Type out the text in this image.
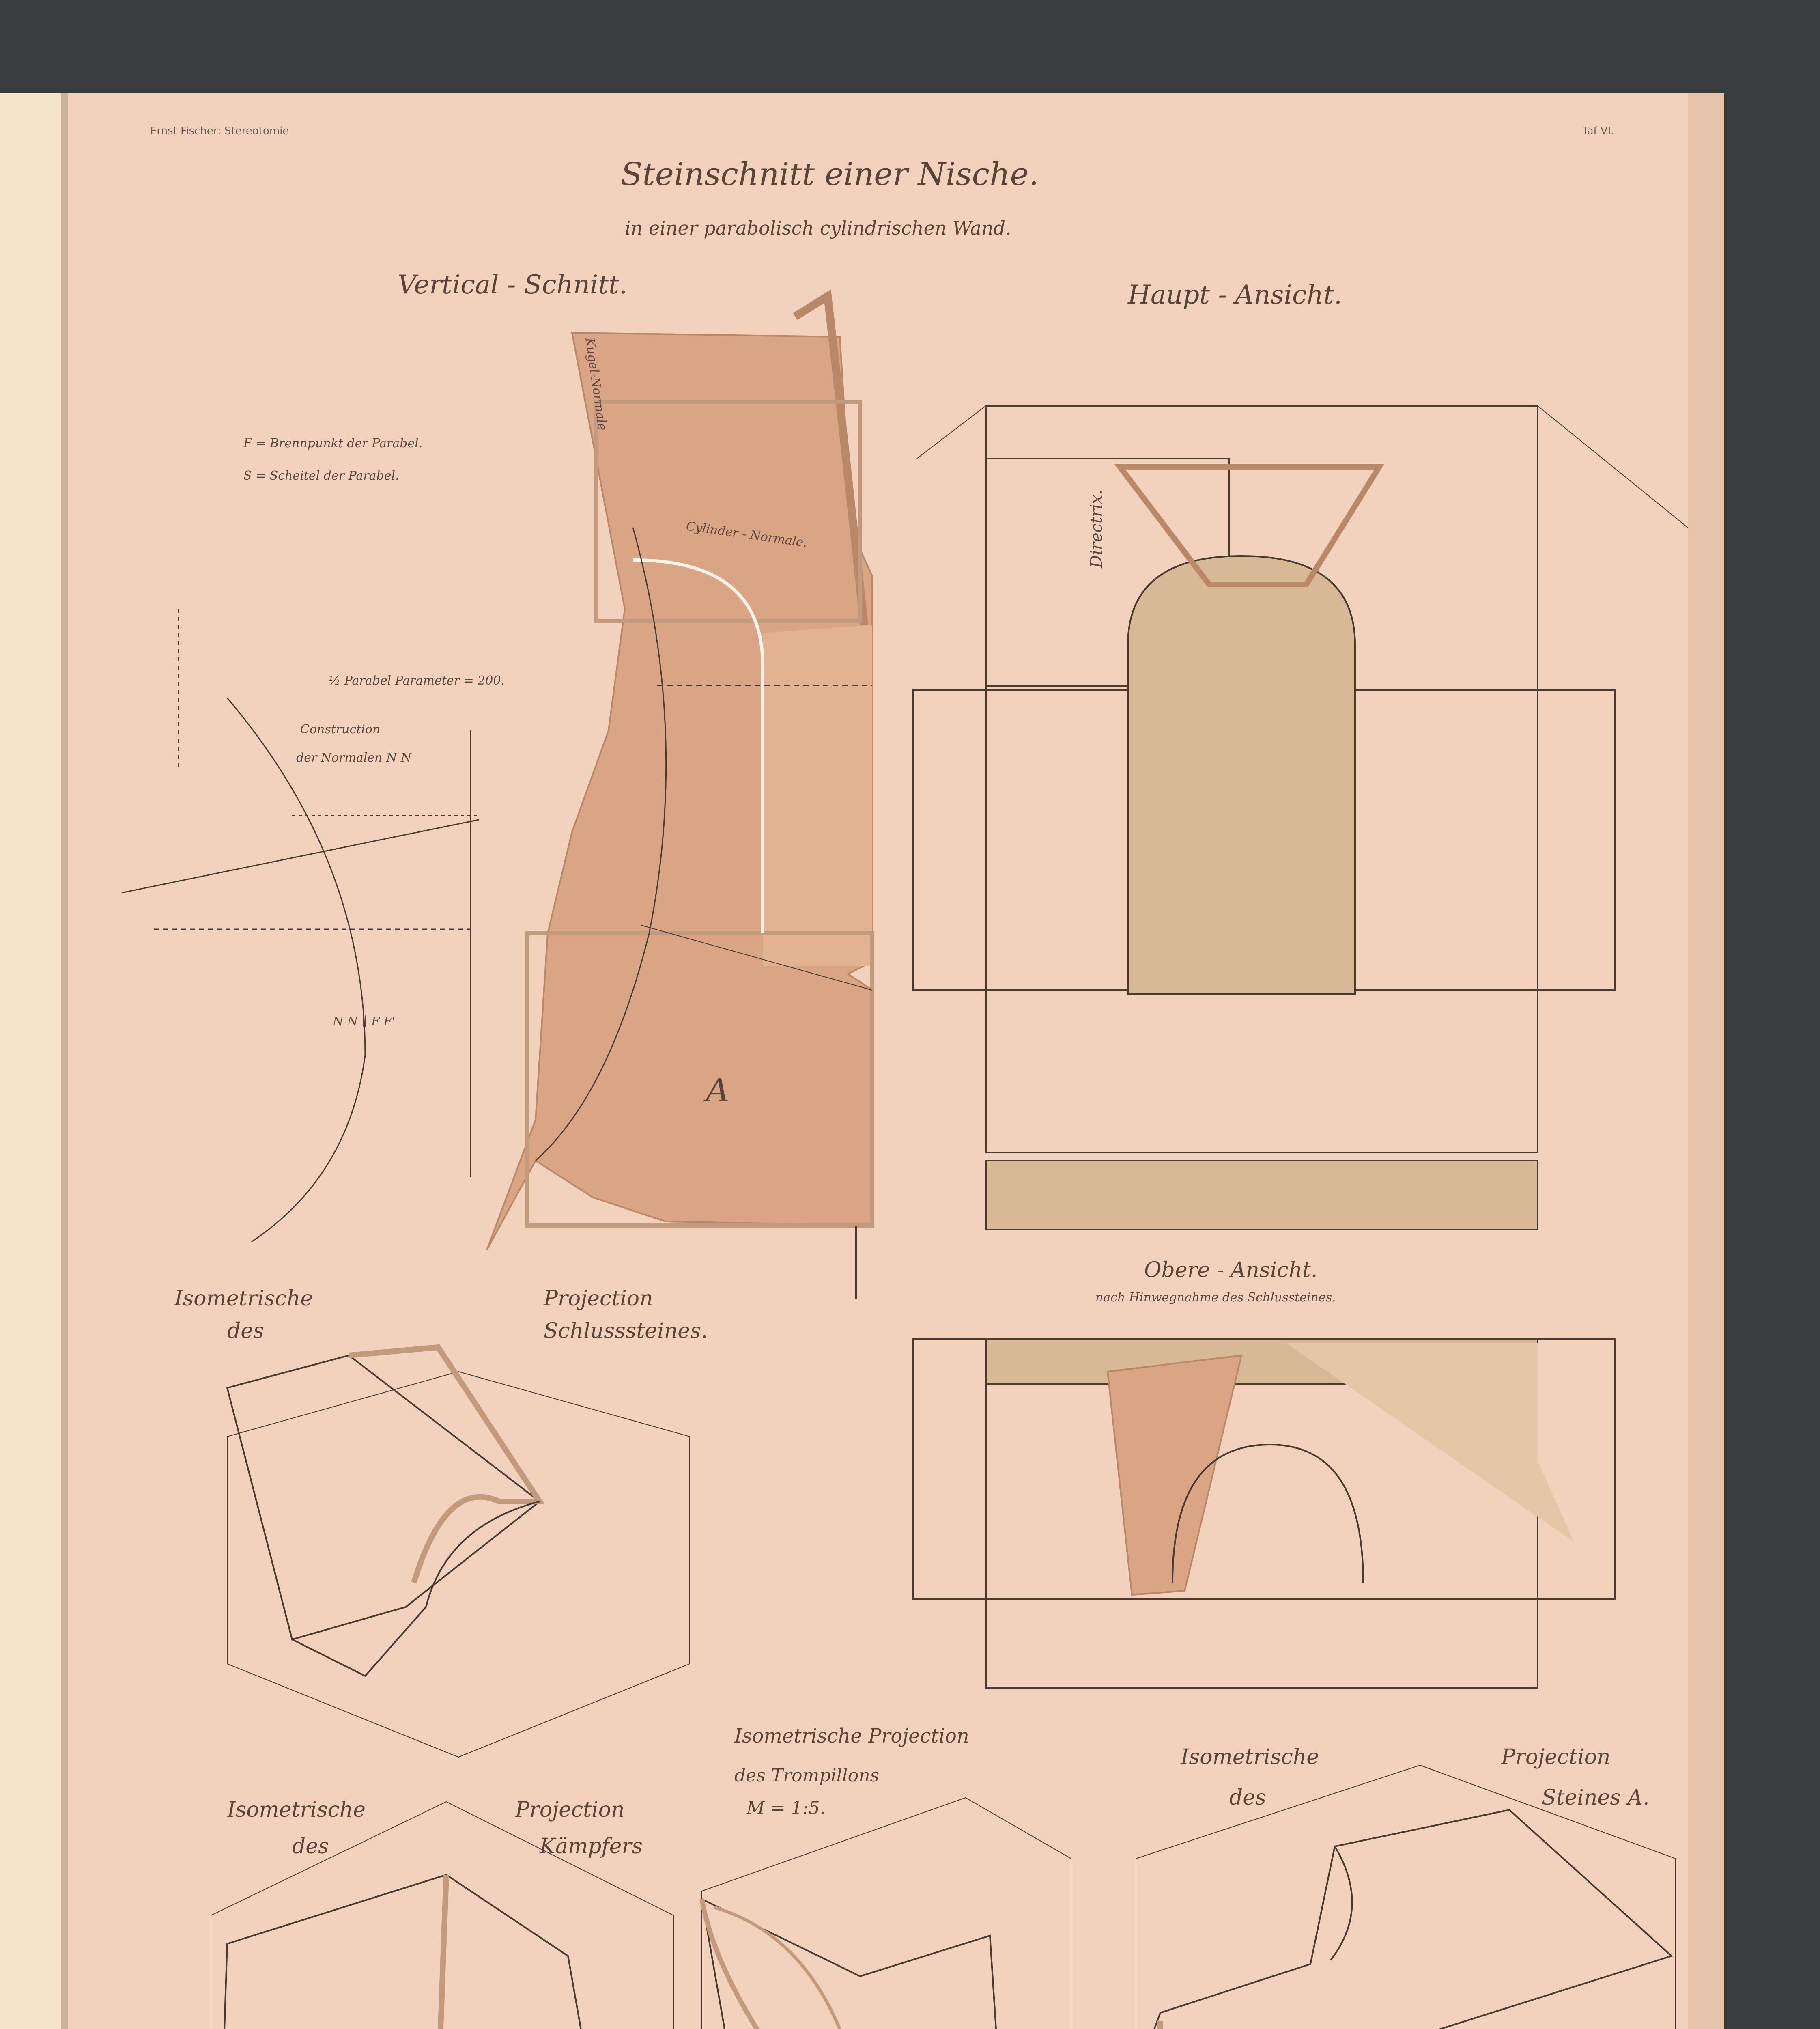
Ernst Fischer: Stereotomie	Taf VI.
Steinschnitt einer Nische.
in einer parabolisch cylindrischen Wand.
Vertical - Schnitt.	Haupt - Ansicht.
F = Brennpunkt der Parabel.
S = Scheitel der Parabel.
½ Parabel Parameter = 200.
Construction
der Normalen N N
N N ∥ F F'
Kugel-Normale
Cylinder - Normale.	Directrix.
A
Obere - Ansicht.
nach Hinwegnahme des Schlussteines.
Isometrische
des
Projection
Schlusssteines.
Isometrische Projection
des Trompillons
M = 1:5.
Isometrische
des
Projection
Kämpfers
Isometrische
des
Projection
Steines A.
